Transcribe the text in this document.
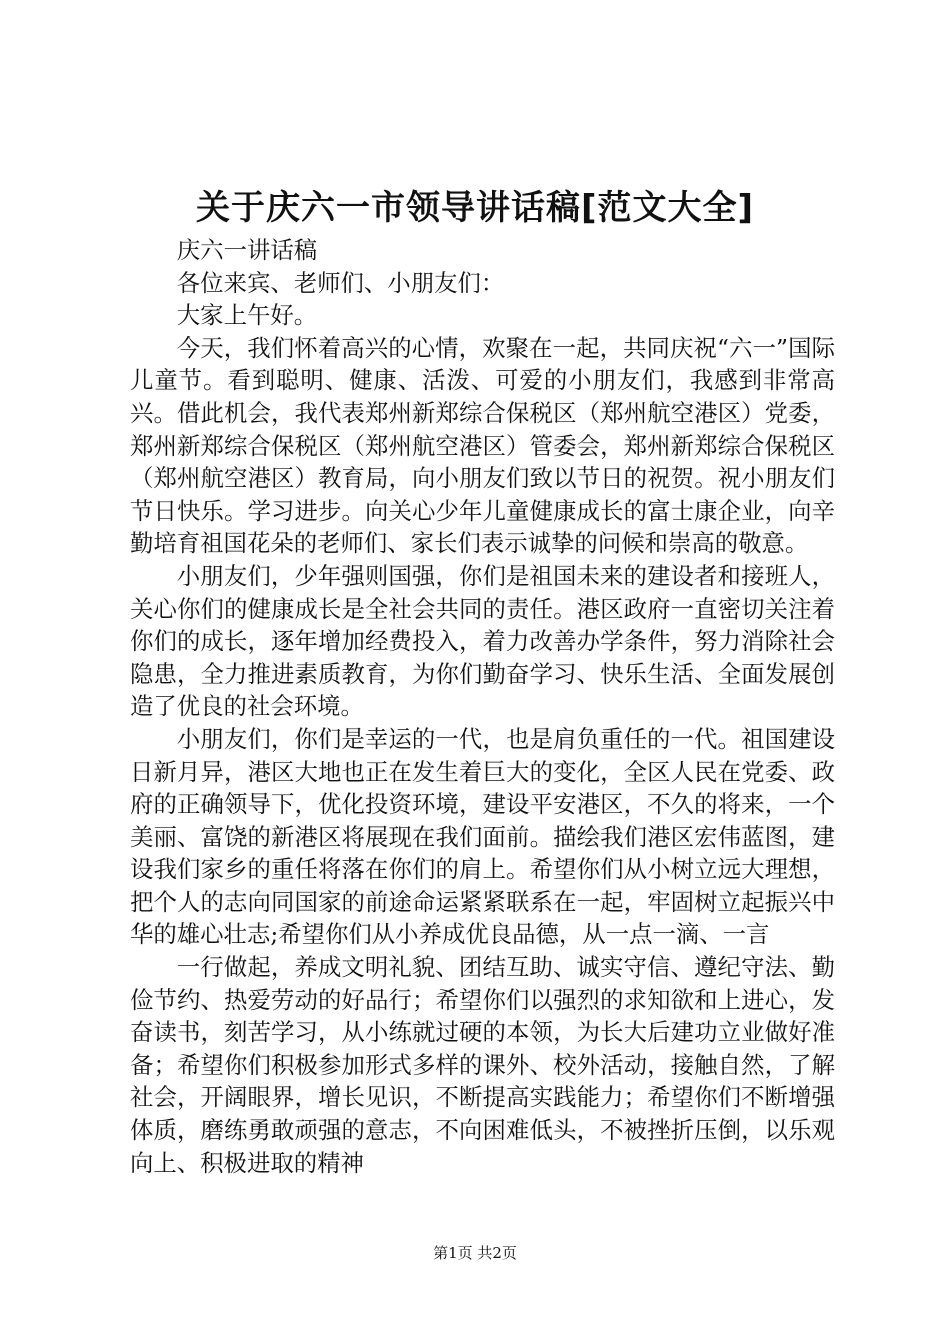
关于庆六一市领导讲话稿[范文大全]

庆六一讲话稿

各位来宾、老师们、小朋友们：

大家上午好。

今天，我们怀着高兴的心情，欢聚在一起，共同庆祝“六一”国际儿童节。看到聪明、健康、活泼、可爱的小朋友们，我感到非常高兴。借此机会，我代表郑州新郑综合保税区（郑州航空港区）党委，郑州新郑综合保税区（郑州航空港区）管委会，郑州新郑综合保税区（郑州航空港区）教育局，向小朋友们致以节日的祝贺。祝小朋友们节日快乐。学习进步。向关心少年儿童健康成长的富士康企业，向辛勤培育祖国花朵的老师们、家长们表示诚挚的问候和崇高的敬意。

小朋友们，少年强则国强，你们是祖国未来的建设者和接班人，关心你们的健康成长是全社会共同的责任。港区政府一直密切关注着你们的成长，逐年增加经费投入，着力改善办学条件，努力消除社会隐患，全力推进素质教育，为你们勤奋学习、快乐生活、全面发展创造了优良的社会环境。

小朋友们，你们是幸运的一代，也是肩负重任的一代。祖国建设日新月异，港区大地也正在发生着巨大的变化，全区人民在党委、政府的正确领导下，优化投资环境，建设平安港区，不久的将来，一个美丽、富饶的新港区将展现在我们面前。描绘我们港区宏伟蓝图，建设我们家乡的重任将落在你们的肩上。希望你们从小树立远大理想，把个人的志向同国家的前途命运紧紧联系在一起，牢固树立起振兴中华的雄心壮志;希望你们从小养成优良品德，从一点一滴、一言

一行做起，养成文明礼貌、团结互助、诚实守信、遵纪守法、勤俭节约、热爱劳动的好品行；希望你们以强烈的求知欲和上进心，发奋读书，刻苦学习，从小练就过硬的本领，为长大后建功立业做好准备；希望你们积极参加形式多样的课外、校外活动，接触自然，了解社会，开阔眼界，增长见识，不断提高实践能力；希望你们不断增强体质，磨练勇敢顽强的意志，不向困难低头，不被挫折压倒，以乐观向上、积极进取的精神

第1页 共2页
